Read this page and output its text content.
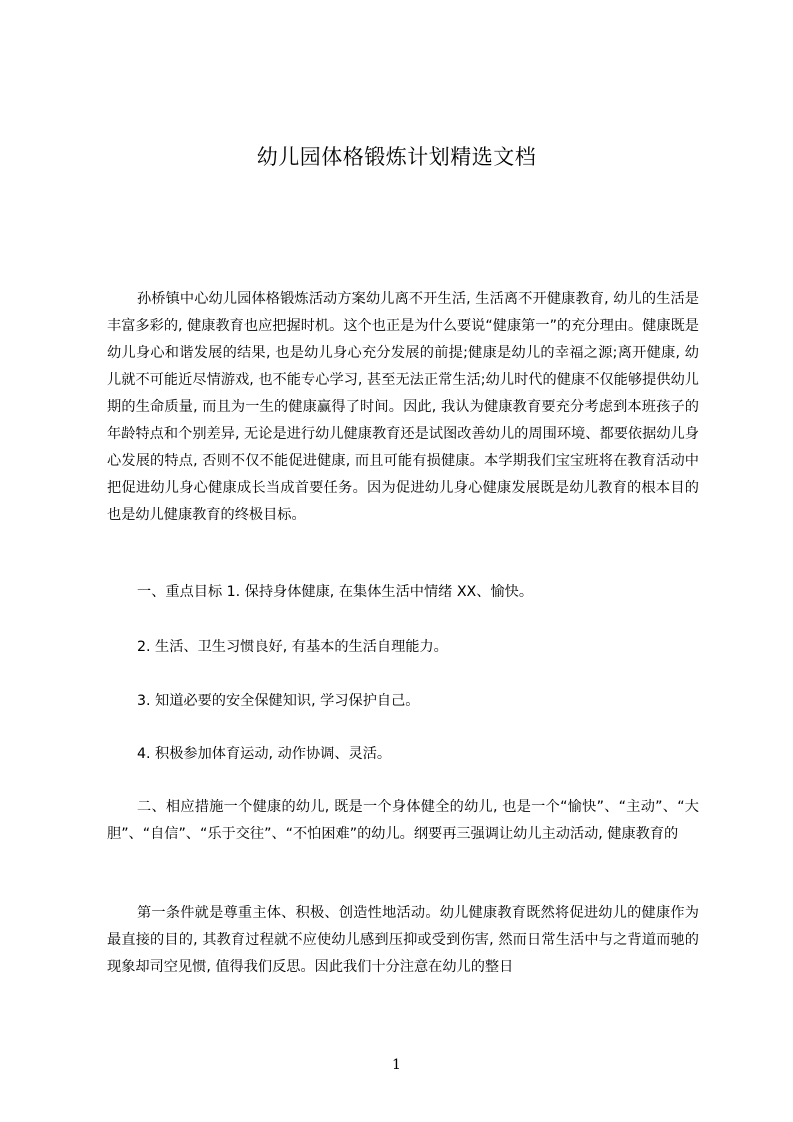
幼儿园体格锻炼计划精选文档

孙桥镇中心幼儿园体格锻炼活动方案幼儿离不开生活, 生活离不开健康教育, 幼儿的生活是丰富多彩的, 健康教育也应把握时机。这个也正是为什么要说“健康第一”的充分理由。健康既是幼儿身心和谐发展的结果, 也是幼儿身心充分发展的前提;健康是幼儿的幸福之源;离开健康, 幼儿就不可能近尽情游戏, 也不能专心学习, 甚至无法正常生活;幼儿时代的健康不仅能够提供幼儿期的生命质量, 而且为一生的健康赢得了时间。因此, 我认为健康教育要充分考虑到本班孩子的年龄特点和个别差异, 无论是进行幼儿健康教育还是试图改善幼儿的周围环境、都要依据幼儿身心发展的特点, 否则不仅不能促进健康, 而且可能有损健康。本学期我们宝宝班将在教育活动中把促进幼儿身心健康成长当成首要任务。因为促进幼儿身心健康发展既是幼儿教育的根本目的也是幼儿健康教育的终极目标。

一、重点目标 1. 保持身体健康, 在集体生活中情绪 XX、愉快。

2. 生活、卫生习惯良好, 有基本的生活自理能力。

3. 知道必要的安全保健知识, 学习保护自己。

4. 积极参加体育运动, 动作协调、灵活。

二、相应措施一个健康的幼儿, 既是一个身体健全的幼儿, 也是一个“愉快”、“主动”、“大胆”、“自信”、“乐于交往”、“不怕困难”的幼儿。纲要再三强调让幼儿主动活动, 健康教育的

第一条件就是尊重主体、积极、创造性地活动。幼儿健康教育既然将促进幼儿的健康作为最直接的目的, 其教育过程就不应使幼儿感到压抑或受到伤害, 然而日常生活中与之背道而驰的现象却司空见惯, 值得我们反思。因此我们十分注意在幼儿的整日

1
